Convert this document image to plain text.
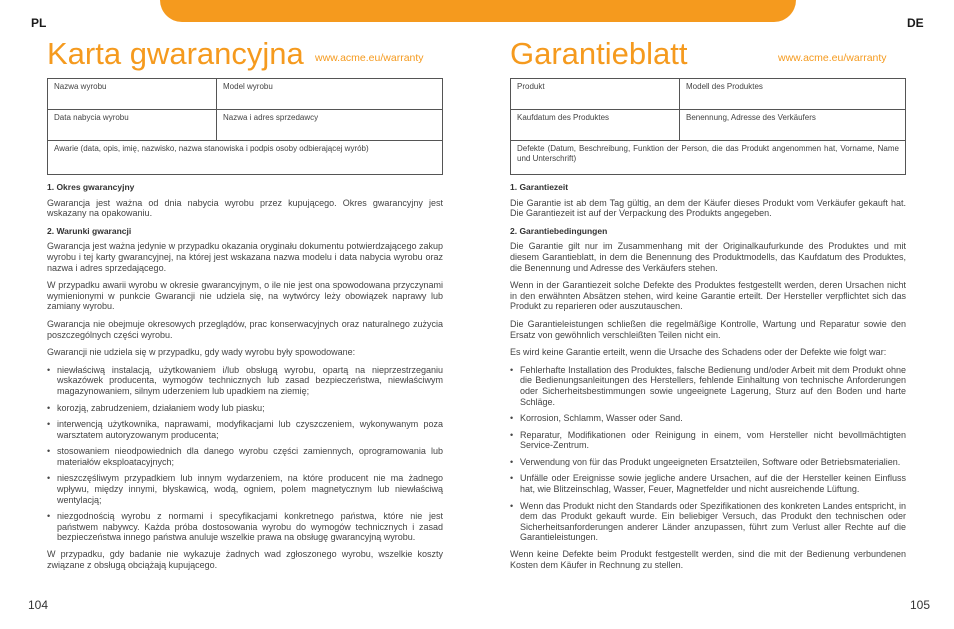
PL	DE
Karta gwarancyjna	www.acme.eu/warranty
Nazwa wyrobu	Model wyrobu
Data nabycia wyrobu	Nazwa i adres sprzedawcy
Awarie (data, opis, imię, nazwisko, nazwa stanowiska i podpis osoby odbierającej wyrób)	
1. Okres gwarancyjny

Gwarancja jest ważna od dnia nabycia wyrobu przez kupującego. Okres gwarancyjny jest wskazany na opakowaniu.

2. Warunki gwarancji

Gwarancja jest ważna jedynie w przypadku okazania oryginału dokumentu potwierdzającego zakup wyrobu i tej karty gwarancyjnej, na której jest wskazana nazwa modelu i data nabycia wyrobu oraz nazwa i adres sprzedającego.

W przypadku awarii wyrobu w okresie gwarancyjnym, o ile nie jest ona spowodowana przyczynami wymienionymi w punkcie Gwarancji nie udziela się, na wytwórcy leży obowiązek naprawy lub zamiany wyrobu.

Gwarancja nie obejmuje okresowych przeglądów, prac konserwacyjnych oraz naturalnego zużycia poszczególnych części wyrobu.

Gwarancji nie udziela się w przypadku, gdy wady wyrobu były spowodowane:

• niewłaściwą instalacją, użytkowaniem i/lub obsługą wyrobu, opartą na nieprzestrzeganiu wskazówek producenta, wymogów technicznych lub zasad bezpieczeństwa, niewłaściwym magazynowaniem, silnym uderzeniem lub upadkiem na ziemię;
• korozją, zabrudzeniem, działaniem wody lub piasku;
• interwencją użytkownika, naprawami, modyfikacjami lub czyszczeniem, wykonywanym poza warsztatem autoryzowanym producenta;
• stosowaniem nieodpowiednich dla danego wyrobu części zamiennych, oprogramowania lub materiałów eksploatacyjnych;
• nieszczęśliwym przypadkiem lub innym wydarzeniem, na które producent nie ma żadnego wpływu, między innymi, błyskawicą, wodą, ogniem, polem magnetycznym lub niewłaściwą wentylacją;
• niezgodnością wyrobu z normami i specyfikacjami konkretnego państwa, które nie jest państwem nabywcy. Każda próba dostosowania wyrobu do wymogów technicznych i zasad bezpieczeństwa innego państwa anuluje wszelkie prawa na obsługę gwarancyjną wyrobu.

W przypadku, gdy badanie nie wykazuje żadnych wad zgłoszonego wyrobu, wszelkie koszty związane z obsługą obciążają kupującego.

Garantieblatt	www.acme.eu/warranty
Produkt	Modell des Produktes
Kaufdatum des Produktes	Benennung, Adresse des Verkäufers
Defekte (Datum, Beschreibung, Funktion der Person, die das Produkt angenommen hat, Vorname, Name und Unterschrift)	
1. Garantiezeit

Die Garantie ist ab dem Tag gültig, an dem der Käufer dieses Produkt vom Verkäufer gekauft hat. Die Garantiezeit ist auf der Verpackung des Produkts angegeben.

2. Garantiebedingungen

Die Garantie gilt nur im Zusammenhang mit der Originalkaufurkunde des Produktes und mit diesem Garantieblatt, in dem die Benennung des Produktmodells, das Kaufdatum des Produktes, die Benennung und Adresse des Verkäufers stehen.

Wenn in der Garantiezeit solche Defekte des Produktes festgestellt werden, deren Ursachen nicht in den erwähnten Absätzen stehen, wird keine Garantie erteilt. Der Hersteller verpflichtet sich das Produkt zu reparieren oder auszutauschen.

Die Garantieleistungen schließen die regelmäßige Kontrolle, Wartung und Reparatur sowie den Ersatz von gewöhnlich verschleißten Teilen nicht ein.

Es wird keine Garantie erteilt, wenn die Ursache des Schadens oder der Defekte wie folgt war:

• Fehlerhafte Installation des Produktes, falsche Bedienung und/oder Arbeit mit dem Produkt ohne die Bedienungsanleitungen des Herstellers, fehlende Einhaltung von technische Anforderungen oder Sicherheitsbestimmungen sowie ungeeignete Lagerung, Sturz auf den Boden und harte Schläge.
• Korrosion, Schlamm, Wasser oder Sand.
• Reparatur, Modifikationen oder Reinigung in einem, vom Hersteller nicht bevollmächtigten Service-Zentrum.
• Verwendung von für das Produkt ungeeigneten Ersatzteilen, Software oder Betriebsmaterialien.
• Unfälle oder Ereignisse sowie jegliche andere Ursachen, auf die der Hersteller keinen Einfluss hat, wie Blitzeinschlag, Wasser, Feuer, Magnetfelder und nicht ausreichende Lüftung.
• Wenn das Produkt nicht den Standards oder Spezifikationen des konkreten Landes entspricht, in dem das Produkt gekauft wurde. Ein beliebiger Versuch, das Produkt den technischen oder Sicherheitsanforderungen anderer Länder anzupassen, führt zum Verlust aller Rechte auf die Garantieleistungen.

Wenn keine Defekte beim Produkt festgestellt werden, sind die mit der Bedienung verbundenen Kosten dem Käufer in Rechnung zu stellen.

104	105
